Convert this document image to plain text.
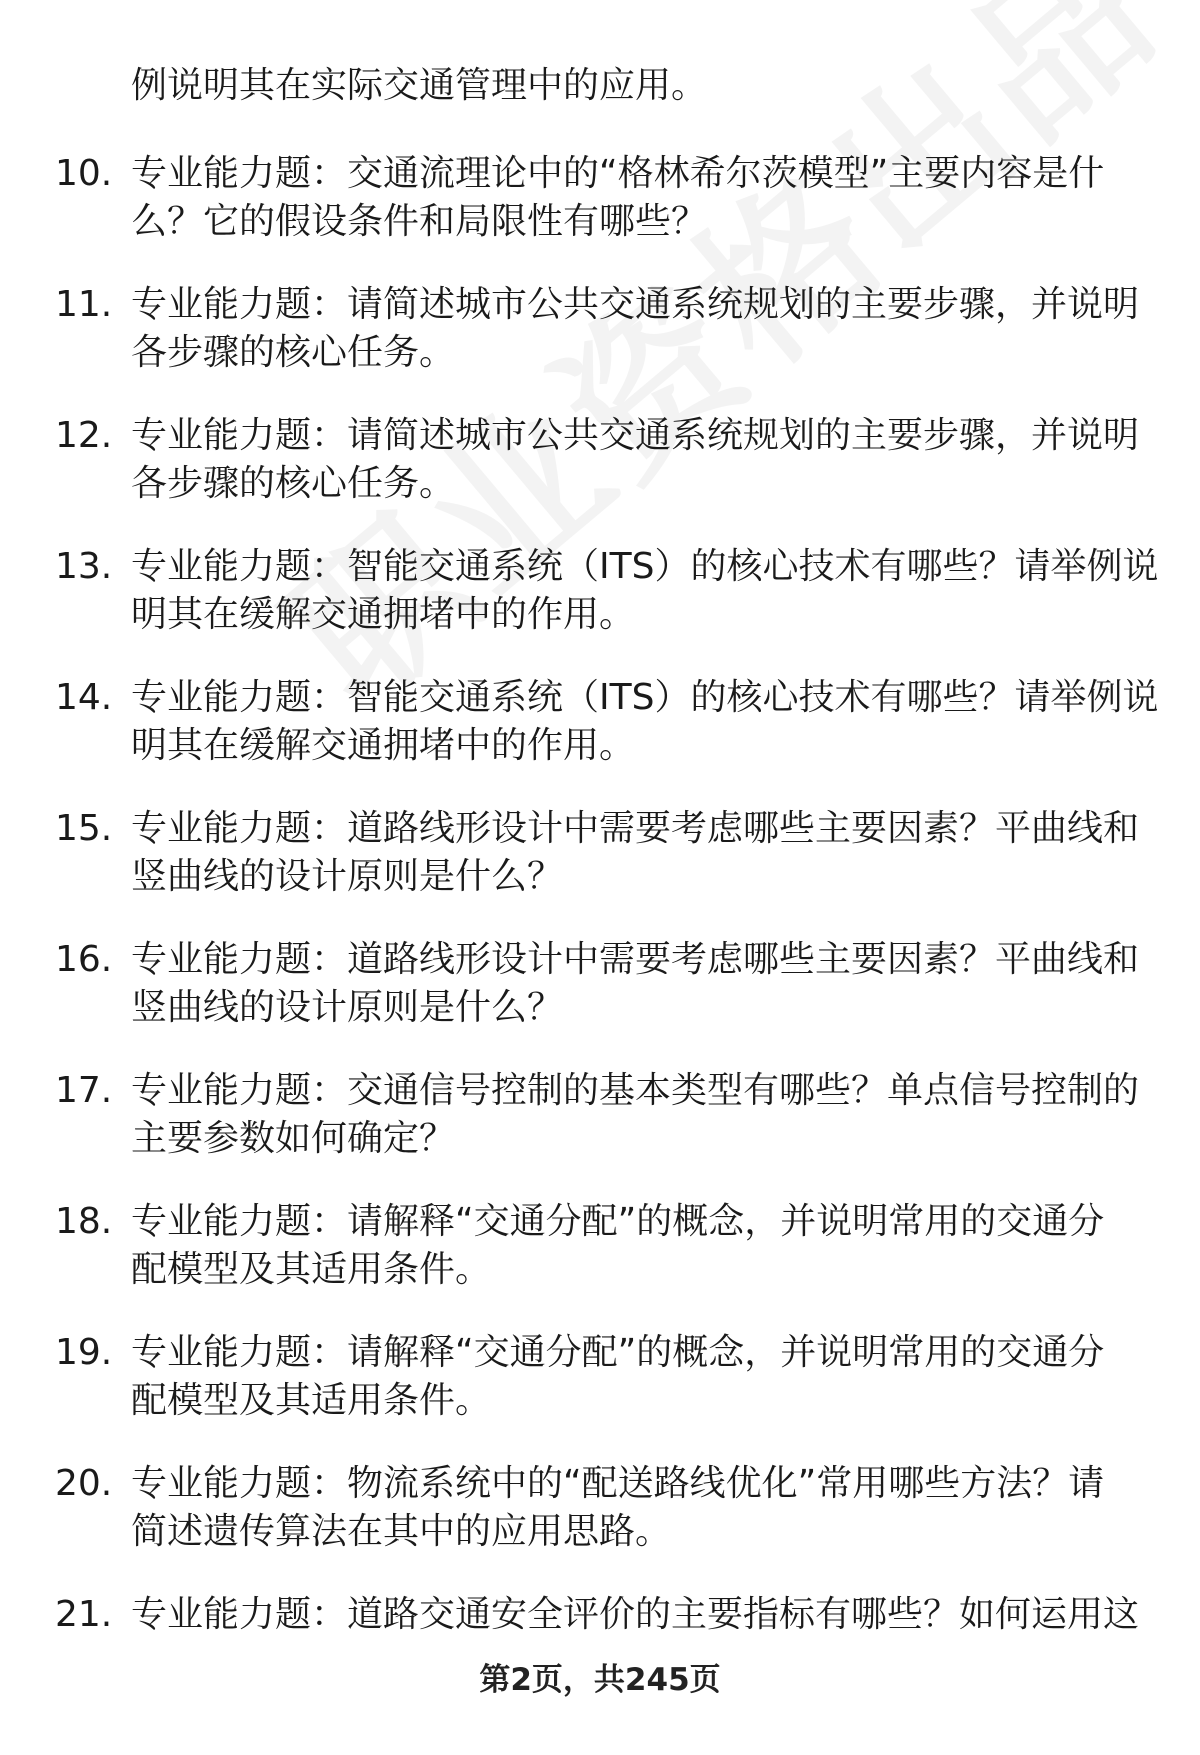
例说明其在实际交通管理中的应用。
10. 专业能力题：交通流理论中的“格林希尔茨模型”主要内容是什
么？它的假设条件和局限性有哪些？
11. 专业能力题：请简述城市公共交通系统规划的主要步骤，并说明
各步骤的核心任务。
12. 专业能力题：请简述城市公共交通系统规划的主要步骤，并说明
各步骤的核心任务。
13. 专业能力题：智能交通系统（ITS）的核心技术有哪些？请举例说
明其在缓解交通拥堵中的作用。
14. 专业能力题：智能交通系统（ITS）的核心技术有哪些？请举例说
明其在缓解交通拥堵中的作用。
15. 专业能力题：道路线形设计中需要考虑哪些主要因素？平曲线和
竖曲线的设计原则是什么？
16. 专业能力题：道路线形设计中需要考虑哪些主要因素？平曲线和
竖曲线的设计原则是什么？
17. 专业能力题：交通信号控制的基本类型有哪些？单点信号控制的
主要参数如何确定？
18. 专业能力题：请解释“交通分配”的概念，并说明常用的交通分
配模型及其适用条件。
19. 专业能力题：请解释“交通分配”的概念，并说明常用的交通分
配模型及其适用条件。
20. 专业能力题：物流系统中的“配送路线优化”常用哪些方法？请
简述遗传算法在其中的应用思路。
21. 专业能力题：道路交通安全评价的主要指标有哪些？如何运用这
第2页，共245页
